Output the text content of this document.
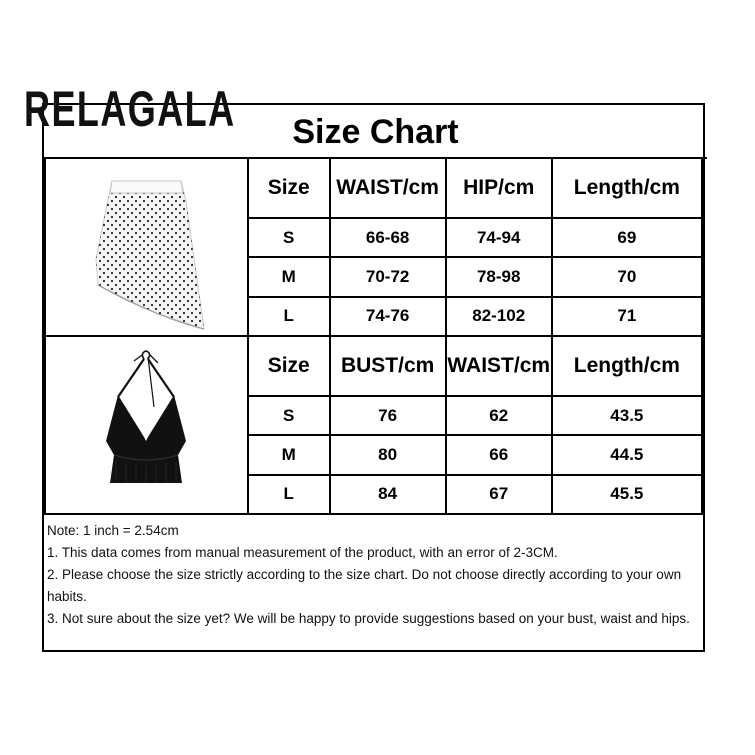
RELAGALA	Size Chart
	Size	WAIST/cm	HIP/cm	Length/cm
	S	66-68	74-94	69
	M	70-72	78-98	70
	L	74-76	82-102	71

	Size	BUST/cm	WAIST/cm	Length/cm
	S	76	62	43.5
	M	80	66	44.5
	L	84	67	45.5
Note: 1 inch = 2.54cm
1. This data comes from manual measurement of the product, with an error of 2-3CM.
2. Please choose the size strictly according to the size chart. Do not choose directly according to your own habits.
3. Not sure about the size yet? We will be happy to provide suggestions based on your bust, waist and hips.
